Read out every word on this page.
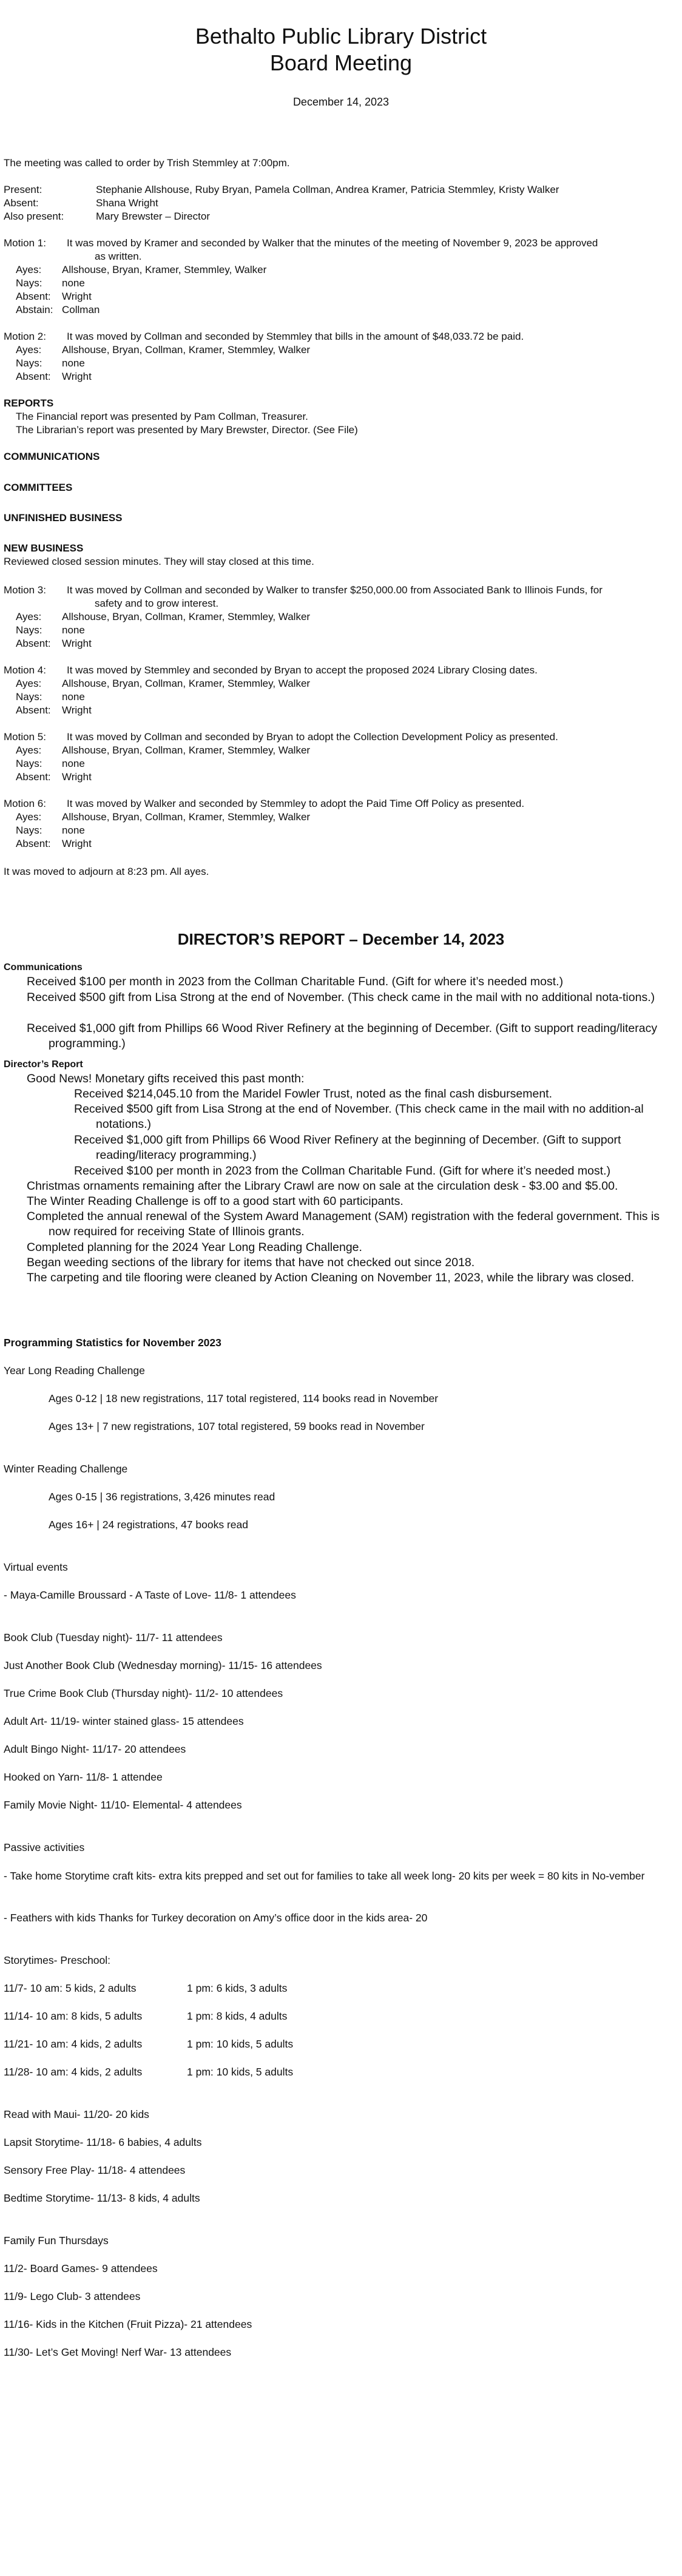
Bethalto Public Library District
Board Meeting
December 14, 2023
The meeting was called to order by Trish Stemmley at 7:00pm.
Present:	Stephanie Allshouse, Ruby Bryan, Pamela Collman, Andrea Kramer, Patricia Stemmley, Kristy Walker
Absent:	Shana Wright
Also present:	Mary Brewster – Director
Motion 1: It was moved by Kramer and seconded by Walker that the minutes of the meeting of November 9, 2023 be approved
as written.
Ayes: Allshouse, Bryan, Kramer, Stemmley, Walker
Nays: none
Absent: Wright
Abstain: Collman
Motion 2: It was moved by Collman and seconded by Stemmley that bills in the amount of $48,033.72 be paid.
Ayes: Allshouse, Bryan, Collman, Kramer, Stemmley, Walker
Nays: none
Absent: Wright
REPORTS
The Financial report was presented by Pam Collman, Treasurer.
The Librarian’s report was presented by Mary Brewster, Director. (See File)
COMMUNICATIONS
COMMITTEES
UNFINISHED BUSINESS
NEW BUSINESS
Reviewed closed session minutes. They will stay closed at this time.
Motion 3: It was moved by Collman and seconded by Walker to transfer $250,000.00 from Associated Bank to Illinois Funds, for
safety and to grow interest.
Ayes: Allshouse, Bryan, Collman, Kramer, Stemmley, Walker
Nays: none
Absent: Wright
Motion 4: It was moved by Stemmley and seconded by Bryan to accept the proposed 2024 Library Closing dates.
Ayes: Allshouse, Bryan, Collman, Kramer, Stemmley, Walker
Nays: none
Absent: Wright
Motion 5: It was moved by Collman and seconded by Bryan to adopt the Collection Development Policy as presented.
Ayes: Allshouse, Bryan, Collman, Kramer, Stemmley, Walker
Nays: none
Absent: Wright
Motion 6: It was moved by Walker and seconded by Stemmley to adopt the Paid Time Off Policy as presented.
Ayes: Allshouse, Bryan, Collman, Kramer, Stemmley, Walker
Nays: none
Absent: Wright
It was moved to adjourn at 8:23 pm. All ayes.
DIRECTOR’S REPORT – December 14, 2023
Communications
Received $100 per month in 2023 from the Collman Charitable Fund. (Gift for where it’s needed most.)
Received $500 gift from Lisa Strong at the end of November. (This check came in the mail with no additional nota-tions.)
Received $1,000 gift from Phillips 66 Wood River Refinery at the beginning of December. (Gift to support reading/literacy programming.)
Director’s Report
Good News! Monetary gifts received this past month:
Received $214,045.10 from the Maridel Fowler Trust, noted as the final cash disbursement.
Received $500 gift from Lisa Strong at the end of November. (This check came in the mail with no addition-al notations.)
Received $1,000 gift from Phillips 66 Wood River Refinery at the beginning of December. (Gift to support reading/literacy programming.)
Received $100 per month in 2023 from the Collman Charitable Fund. (Gift for where it’s needed most.)
Christmas ornaments remaining after the Library Crawl are now on sale at the circulation desk - $3.00 and $5.00.
The Winter Reading Challenge is off to a good start with 60 participants.
Completed the annual renewal of the System Award Management (SAM) registration with the federal government. This is now required for receiving State of Illinois grants.
Completed planning for the 2024 Year Long Reading Challenge.
Began weeding sections of the library for items that have not checked out since 2018.
The carpeting and tile flooring were cleaned by Action Cleaning on November 11, 2023, while the library was closed.
Programming Statistics for November 2023
Year Long Reading Challenge
Ages 0-12 | 18 new registrations, 117 total registered, 114 books read in November
Ages 13+ | 7 new registrations, 107 total registered, 59 books read in November
Winter Reading Challenge
Ages 0-15 | 36 registrations, 3,426 minutes read
Ages 16+ | 24 registrations, 47 books read
Virtual events
- Maya-Camille Broussard - A Taste of Love- 11/8- 1 attendees
Book Club (Tuesday night)- 11/7- 11 attendees
Just Another Book Club (Wednesday morning)- 11/15- 16 attendees
True Crime Book Club (Thursday night)- 11/2- 10 attendees
Adult Art- 11/19- winter stained glass- 15 attendees
Adult Bingo Night- 11/17- 20 attendees
Hooked on Yarn- 11/8- 1 attendee
Family Movie Night- 11/10- Elemental- 4 attendees
Passive activities
- Take home Storytime craft kits- extra kits prepped and set out for families to take all week long- 20 kits per week = 80 kits in No-vember
- Feathers with kids Thanks for Turkey decoration on Amy’s office door in the kids area- 20
Storytimes- Preschool:
11/7- 10 am: 5 kids, 2 adults	1 pm: 6 kids, 3 adults
11/14- 10 am: 8 kids, 5 adults	1 pm: 8 kids, 4 adults
11/21- 10 am: 4 kids, 2 adults	1 pm: 10 kids, 5 adults
11/28- 10 am: 4 kids, 2 adults	1 pm: 10 kids, 5 adults
Read with Maui- 11/20- 20 kids
Lapsit Storytime- 11/18- 6 babies, 4 adults
Sensory Free Play- 11/18- 4 attendees
Bedtime Storytime- 11/13- 8 kids, 4 adults
Family Fun Thursdays
11/2- Board Games- 9 attendees
11/9- Lego Club- 3 attendees
11/16- Kids in the Kitchen (Fruit Pizza)- 21 attendees
11/30- Let’s Get Moving! Nerf War- 13 attendees
